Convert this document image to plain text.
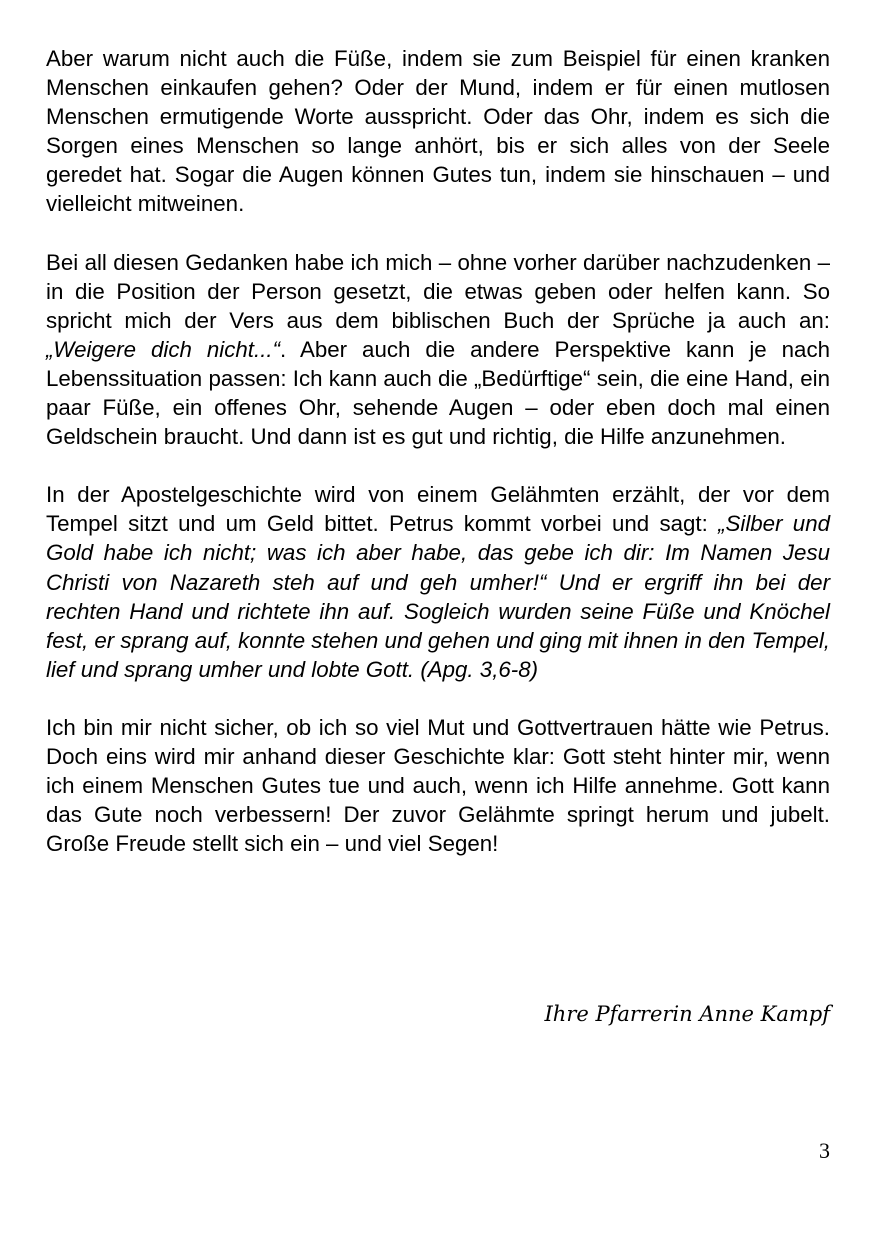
Aber warum nicht auch die Füße, indem sie zum Beispiel für einen kranken Menschen einkaufen gehen? Oder der Mund, indem er für einen mutlosen Menschen ermutigende Worte ausspricht. Oder das Ohr, indem es sich die Sorgen eines Menschen so lange anhört, bis er sich alles von der Seele geredet hat. Sogar die Augen können Gutes tun, indem sie hinschauen – und vielleicht mitweinen.

Bei all diesen Gedanken habe ich mich – ohne vorher darüber nachzudenken – in die Position der Person gesetzt, die etwas geben oder helfen kann. So spricht mich der Vers aus dem biblischen Buch der Sprüche ja auch an: „Weigere dich nicht...“. Aber auch die andere Perspektive kann je nach Lebenssituation passen: Ich kann auch die „Bedürftige“ sein, die eine Hand, ein paar Füße, ein offenes Ohr, sehende Augen – oder eben doch mal einen Geldschein braucht. Und dann ist es gut und richtig, die Hilfe anzunehmen.

In der Apostelgeschichte wird von einem Gelähmten erzählt, der vor dem Tempel sitzt und um Geld bittet. Petrus kommt vorbei und sagt: „Silber und Gold habe ich nicht; was ich aber habe, das gebe ich dir: Im Namen Jesu Christi von Nazareth steh auf und geh umher!“ Und er ergriff ihn bei der rechten Hand und richtete ihn auf. Sogleich wurden seine Füße und Knöchel fest, er sprang auf, konnte stehen und gehen und ging mit ihnen in den Tempel, lief und sprang umher und lobte Gott. (Apg. 3,6-8)

Ich bin mir nicht sicher, ob ich so viel Mut und Gottvertrauen hätte wie Petrus. Doch eins wird mir anhand dieser Geschichte klar: Gott steht hinter mir, wenn ich einem Menschen Gutes tue und auch, wenn ich Hilfe annehme. Gott kann das Gute noch verbessern! Der zuvor Gelähmte springt herum und jubelt. Große Freude stellt sich ein – und viel Segen!

Ihre Pfarrerin Anne Kampf
3
